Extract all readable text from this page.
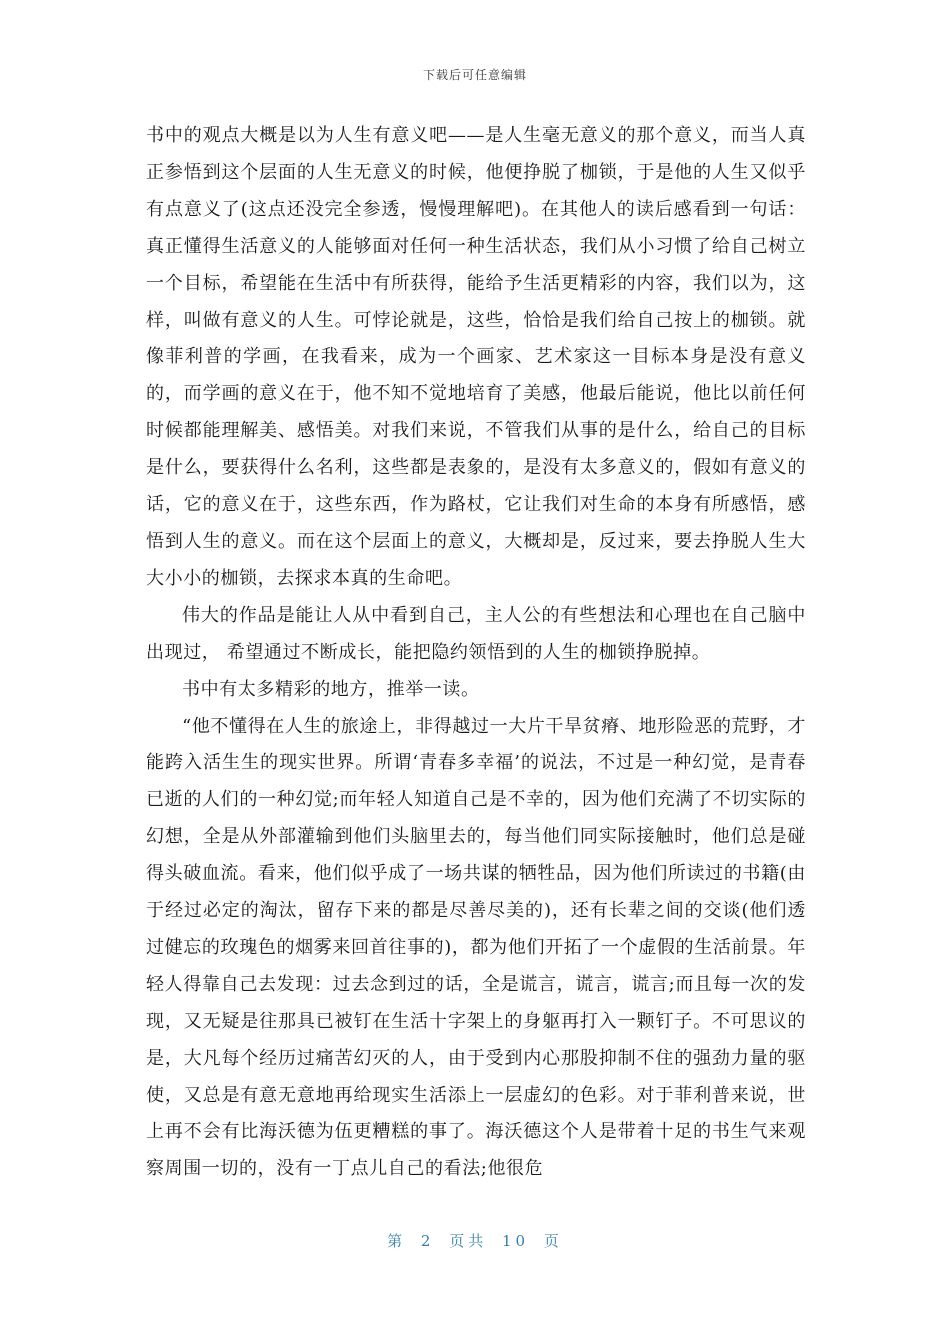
下载后可任意编辑

书中的观点大概是以为人生有意义吧——是人生毫无意义的那个意义，而当人真正参悟到这个层面的人生无意义的时候，他便挣脱了枷锁，于是他的人生又似乎有点意义了(这点还没完全参透，慢慢理解吧)。在其他人的读后感看到一句话：真正懂得生活意义的人能够面对任何一种生活状态，我们从小习惯了给自己树立一个目标，希望能在生活中有所获得，能给予生活更精彩的内容，我们以为，这样，叫做有意义的人生。可悖论就是，这些，恰恰是我们给自己按上的枷锁。就像菲利普的学画，在我看来，成为一个画家、艺术家这一目标本身是没有意义的，而学画的意义在于，他不知不觉地培育了美感，他最后能说，他比以前任何时候都能理解美、感悟美。对我们来说，不管我们从事的是什么，给自己的目标是什么，要获得什么名利，这些都是表象的，是没有太多意义的，假如有意义的话，它的意义在于，这些东西，作为路杖，它让我们对生命的本身有所感悟，感悟到人生的意义。而在这个层面上的意义，大概却是，反过来，要去挣脱人生大大小小的枷锁，去探求本真的生命吧。

伟大的作品是能让人从中看到自己，主人公的有些想法和心理也在自己脑中出现过， 希望通过不断成长，能把隐约领悟到的人生的枷锁挣脱掉。

书中有太多精彩的地方，推举一读。

“他不懂得在人生的旅途上，非得越过一大片干旱贫瘠、地形险恶的荒野，才能跨入活生生的现实世界。所谓‘青春多幸福’的说法，不过是一种幻觉，是青春已逝的人们的一种幻觉;而年轻人知道自己是不幸的，因为他们充满了不切实际的幻想，全是从外部灌输到他们头脑里去的，每当他们同实际接触时，他们总是碰得头破血流。看来，他们似乎成了一场共谋的牺牲品，因为他们所读过的书籍(由于经过必定的淘汰，留存下来的都是尽善尽美的)，还有长辈之间的交谈(他们透过健忘的玫瑰色的烟雾来回首往事的)，都为他们开拓了一个虚假的生活前景。年轻人得靠自己去发现：过去念到过的话，全是谎言，谎言，谎言;而且每一次的发现，又无疑是往那具已被钉在生活十字架上的身躯再打入一颗钉子。不可思议的是，大凡每个经历过痛苦幻灭的人，由于受到内心那股抑制不住的强劲力量的驱使，又总是有意无意地再给现实生活添上一层虚幻的色彩。对于菲利普来说，世上再不会有比海沃德为伍更糟糕的事了。海沃德这个人是带着十足的书生气来观察周围一切的，没有一丁点儿自己的看法;他很危

第 2 页共 10 页
